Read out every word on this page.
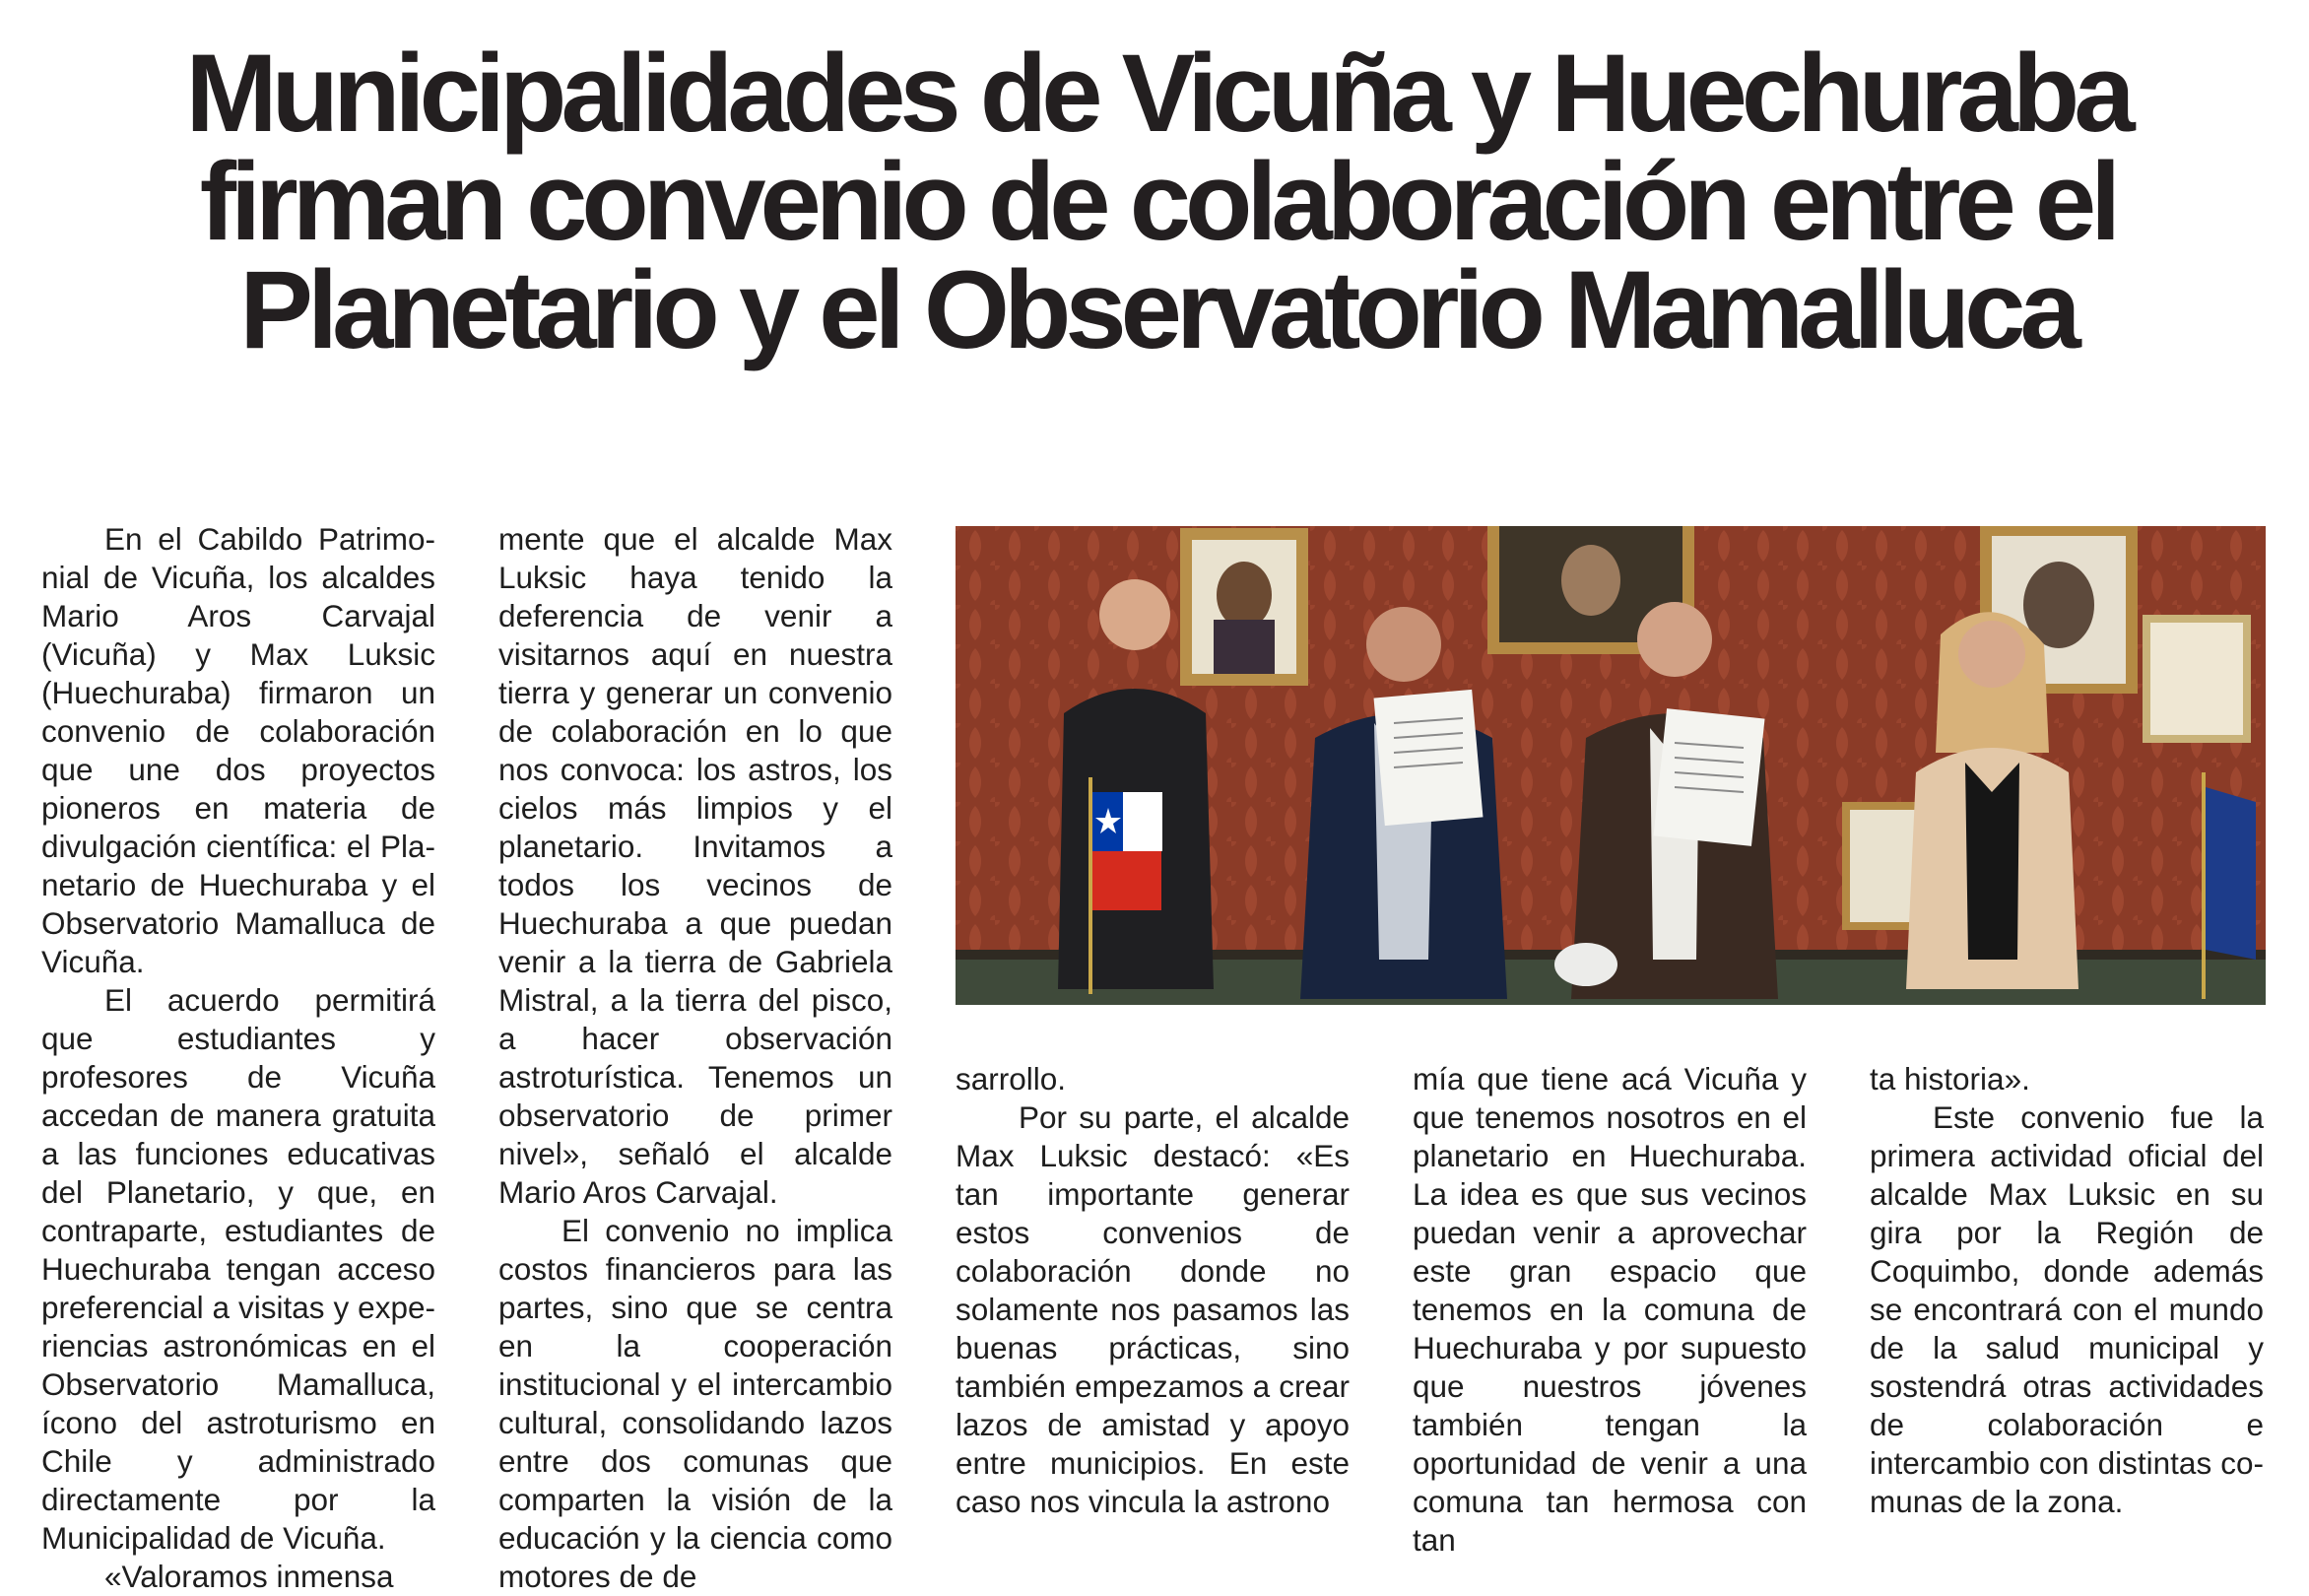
Municipalidades de Vicuña y Huechuraba
firman convenio de colaboración entre el
Planetario y el Observatorio Mamalluca

En el Cabildo Patrimonial de Vicuña, los alcaldes Mario Aros Carvajal (Vicuña) y Max Luksic (Huechuraba) firmaron un convenio de colaboración que une dos proyectos pioneros en materia de divulgación científica: el Planetario de Huechuraba y el Observatorio Mamalluca de Vicuña.

El acuerdo permitirá que estudiantes y profesores de Vicuña accedan de manera gratuita a las funciones educativas del Planetario, y que, en contraparte, estudiantes de Huechuraba tengan acceso preferencial a visitas y experiencias astronómicas en el Observatorio Mamalluca, ícono del astroturismo en Chile y administrado directamente por la Municipalidad de Vicuña.

«Valoramos inmensa

mente que el alcalde Max Luksic haya tenido la deferencia de venir a visitarnos aquí en nuestra tierra y generar un convenio de colaboración en lo que nos convoca: los astros, los cielos más limpios y el planetario. Invitamos a todos los vecinos de Huechuraba a que puedan venir a la tierra de Gabriela Mistral, a la tierra del pisco, a hacer observación astroturística. Tenemos un observatorio de primer nivel», señaló el alcalde Mario Aros Carvajal.

El convenio no implica costos financieros para las partes, sino que se centra en la cooperación institucional y el intercambio cultural, consolidando lazos entre dos comunas que comparten la visión de la educación y la ciencia como motores de de

sarrollo.

Por su parte, el alcalde Max Luksic destacó: «Es tan importante generar estos convenios de colaboración donde no solamente nos pasamos las buenas prácticas, sino también empezamos a crear lazos de amistad y apoyo entre municipios. En este caso nos vincula la astrono

mía que tiene acá Vicuña y que tenemos nosotros en el planetario en Huechuraba. La idea es que sus vecinos puedan venir a aprovechar este gran espacio que tenemos en la comuna de Huechuraba y por supuesto que nuestros jóvenes también tengan la oportunidad de venir a una comuna tan hermosa con tan

ta historia».

Este convenio fue la primera actividad oficial del alcalde Max Luksic en su gira por la Región de Coquimbo, donde además se encontrará con el mundo de la salud municipal y sostendrá otras actividades de colaboración e intercambio con distintas comunas de la zona.
